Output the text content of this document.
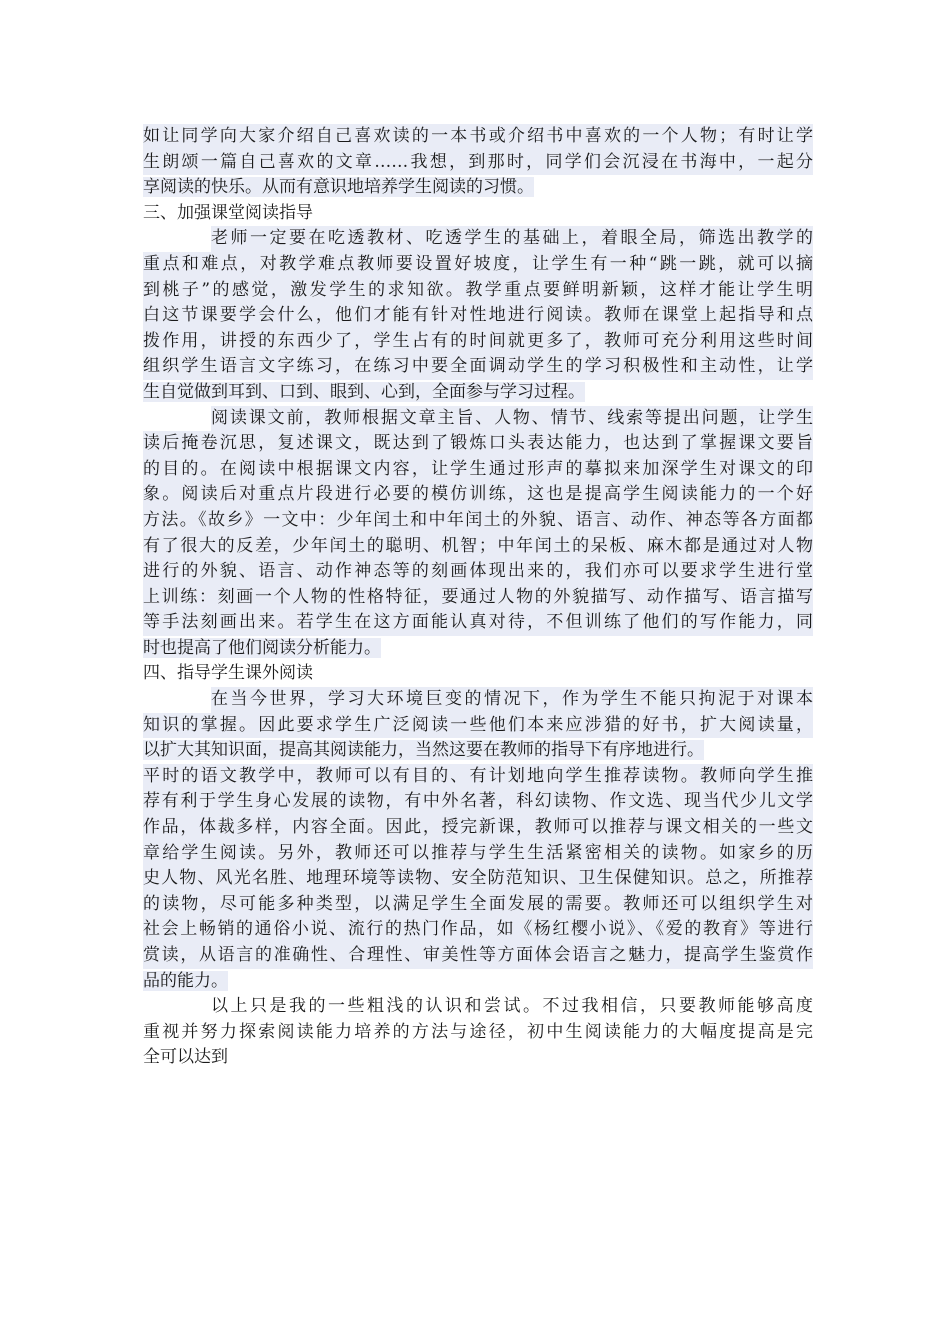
如让同学向大家介绍自己喜欢读的一本书或介绍书中喜欢的一个人物；有时让学
生朗颂一篇自己喜欢的文章……我想，到那时，同学们会沉浸在书海中，一起分
享阅读的快乐。从而有意识地培养学生阅读的习惯。
三、加强课堂阅读指导
老师一定要在吃透教材、吃透学生的基础上，着眼全局，筛选出教学的
重点和难点，对教学难点教师要设置好坡度，让学生有一种“跳一跳，就可以摘
到桃子”的感觉，激发学生的求知欲。教学重点要鲜明新颖，这样才能让学生明
白这节课要学会什么，他们才能有针对性地进行阅读。教师在课堂上起指导和点
拨作用，讲授的东西少了，学生占有的时间就更多了，教师可充分利用这些时间
组织学生语言文字练习，在练习中要全面调动学生的学习积极性和主动性，让学
生自觉做到耳到、口到、眼到、心到，全面参与学习过程。
阅读课文前，教师根据文章主旨、人物、情节、线索等提出问题，让学生
读后掩卷沉思，复述课文，既达到了锻炼口头表达能力，也达到了掌握课文要旨
的目的。在阅读中根据课文内容，让学生通过形声的摹拟来加深学生对课文的印
象。阅读后对重点片段进行必要的模仿训练，这也是提高学生阅读能力的一个好
方法。《故乡》一文中：少年闰土和中年闰土的外貌、语言、动作、神态等各方面都
有了很大的反差，少年闰土的聪明、机智；中年闰土的呆板、麻木都是通过对人物
进行的外貌、语言、动作神态等的刻画体现出来的，我们亦可以要求学生进行堂
上训练：刻画一个人物的性格特征，要通过人物的外貌描写、动作描写、语言描写
等手法刻画出来。若学生在这方面能认真对待，不但训练了他们的写作能力，同
时也提高了他们阅读分析能力。
四、指导学生课外阅读
在当今世界，学习大环境巨变的情况下，作为学生不能只拘泥于对课本
知识的掌握。因此要求学生广泛阅读一些他们本来应涉猎的好书，扩大阅读量，
以扩大其知识面，提高其阅读能力，当然这要在教师的指导下有序地进行。
平时的语文教学中，教师可以有目的、有计划地向学生推荐读物。教师向学生推
荐有利于学生身心发展的读物，有中外名著，科幻读物、作文选、现当代少儿文学
作品，体裁多样，内容全面。因此，授完新课，教师可以推荐与课文相关的一些文
章给学生阅读。另外，教师还可以推荐与学生生活紧密相关的读物。如家乡的历
史人物、风光名胜、地理环境等读物、安全防范知识、卫生保健知识。总之，所推荐
的读物，尽可能多种类型，以满足学生全面发展的需要。教师还可以组织学生对
社会上畅销的通俗小说、流行的热门作品，如《杨红樱小说》、《爱的教育》等进行
赏读，从语言的准确性、合理性、审美性等方面体会语言之魅力，提高学生鉴赏作
品的能力。
以上只是我的一些粗浅的认识和尝试。不过我相信，只要教师能够高度
重视并努力探索阅读能力培养的方法与途径，初中生阅读能力的大幅度提高是完
全可以达到
